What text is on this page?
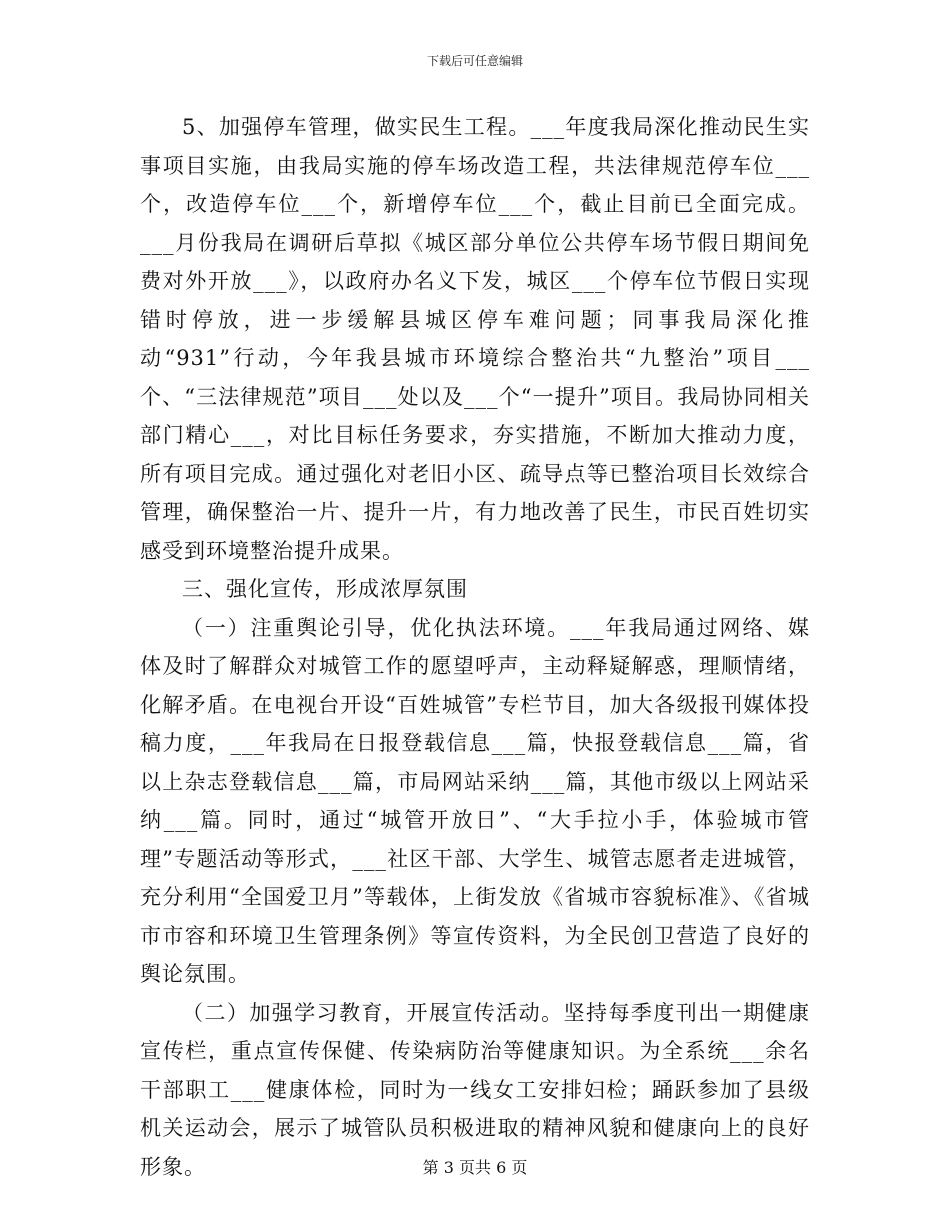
下载后可任意编辑

5、加强停车管理，做实民生工程。___年度我局深化推动民生实事项目实施，由我局实施的停车场改造工程，共法律规范停车位___个，改造停车位___个，新增停车位___个，截止目前已全面完成。___月份我局在调研后草拟《城区部分单位公共停车场节假日期间免费对外开放___》，以政府办名义下发，城区___个停车位节假日实现错时停放，进一步缓解县城区停车难问题；同事我局深化推动“931”行动，今年我县城市环境综合整治共“九整治”项目___个、“三法律规范”项目___处以及___个“一提升”项目。我局协同相关部门精心___，对比目标任务要求，夯实措施，不断加大推动力度，所有项目完成。通过强化对老旧小区、疏导点等已整治项目长效综合管理，确保整治一片、提升一片，有力地改善了民生，市民百姓切实感受到环境整治提升成果。

三、强化宣传，形成浓厚氛围

（一）注重舆论引导，优化执法环境。___年我局通过网络、媒体及时了解群众对城管工作的愿望呼声，主动释疑解惑，理顺情绪，化解矛盾。在电视台开设“百姓城管”专栏节目，加大各级报刊媒体投稿力度，___年我局在日报登载信息___篇，快报登载信息___篇，省以上杂志登载信息___篇，市局网站采纳___篇，其他市级以上网站采纳___篇。同时，通过“城管开放日”、“大手拉小手，体验城市管理”专题活动等形式，___社区干部、大学生、城管志愿者走进城管，充分利用“全国爱卫月”等载体，上街发放《省城市容貌标准》、《省城市市容和环境卫生管理条例》等宣传资料，为全民创卫营造了良好的舆论氛围。

（二）加强学习教育，开展宣传活动。坚持每季度刊出一期健康宣传栏，重点宣传保健、传染病防治等健康知识。为全系统___余名干部职工___健康体检，同时为一线女工安排妇检；踊跃参加了县级机关运动会，展示了城管队员积极进取的精神风貌和健康向上的良好形象。	第 3 页共 6 页
